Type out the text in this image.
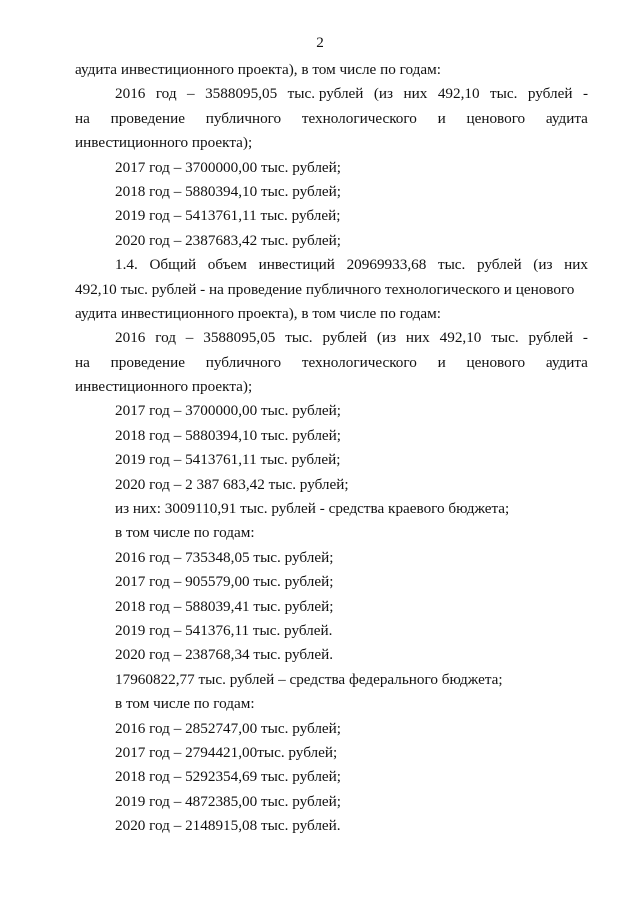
2
аудита инвестиционного проекта), в том числе по годам:
2016 год – 3588095,05 тыс. рублей (из них 492,10 тыс. рублей -
на проведение публичного технологического и ценового аудита
инвестиционного проекта);
2017 год – 3700000,00 тыс. рублей;
2018 год – 5880394,10 тыс. рублей;
2019 год – 5413761,11 тыс. рублей;
2020 год – 2387683,42 тыс. рублей;
1.4. Общий объем инвестиций 20969933,68 тыс. рублей (из них
492,10 тыс. рублей - на проведение публичного технологического и ценового
аудита инвестиционного проекта), в том числе по годам:
2016 год – 3588095,05 тыс. рублей (из них 492,10 тыс. рублей -
на проведение публичного технологического и ценового аудита
инвестиционного проекта);
2017 год – 3700000,00 тыс. рублей;
2018 год – 5880394,10 тыс. рублей;
2019 год – 5413761,11 тыс. рублей;
2020 год – 2 387 683,42 тыс. рублей;
из них: 3009110,91 тыс. рублей - средства краевого бюджета;
в том числе по годам:
2016 год – 735348,05 тыс. рублей;
2017 год – 905579,00 тыс. рублей;
2018 год – 588039,41 тыс. рублей;
2019 год – 541376,11 тыс. рублей.
2020 год – 238768,34 тыс. рублей.
17960822,77 тыс. рублей – средства федерального бюджета;
в том числе по годам:
2016 год – 2852747,00 тыс. рублей;
2017 год – 2794421,00тыс. рублей;
2018 год – 5292354,69 тыс. рублей;
2019 год – 4872385,00 тыс. рублей;
2020 год – 2148915,08 тыс. рублей.
